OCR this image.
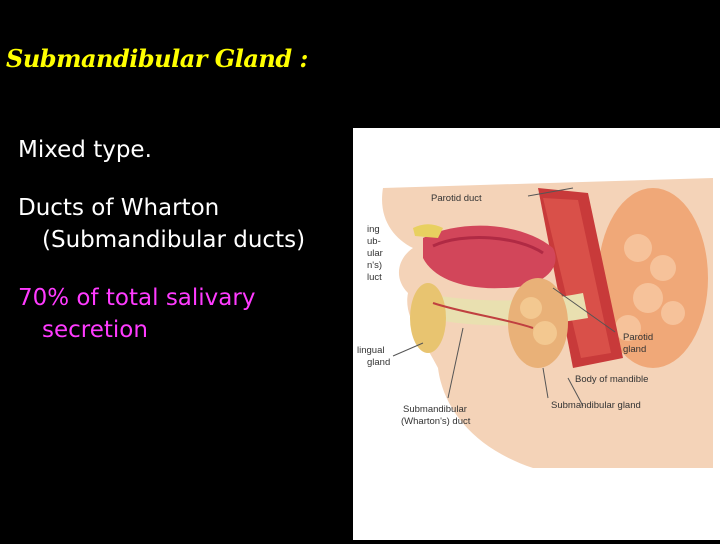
Submandibular Gland :
Mixed type.
Ducts of Wharton
(Submandibular ducts)
70% of total salivary
secretion
Parotid duct
Parotid
gland
Body of mandible
Submandibular gland
Submandibular
(Wharton's) duct
ing
ub-
ular
n's)
luct
lingual
gland
